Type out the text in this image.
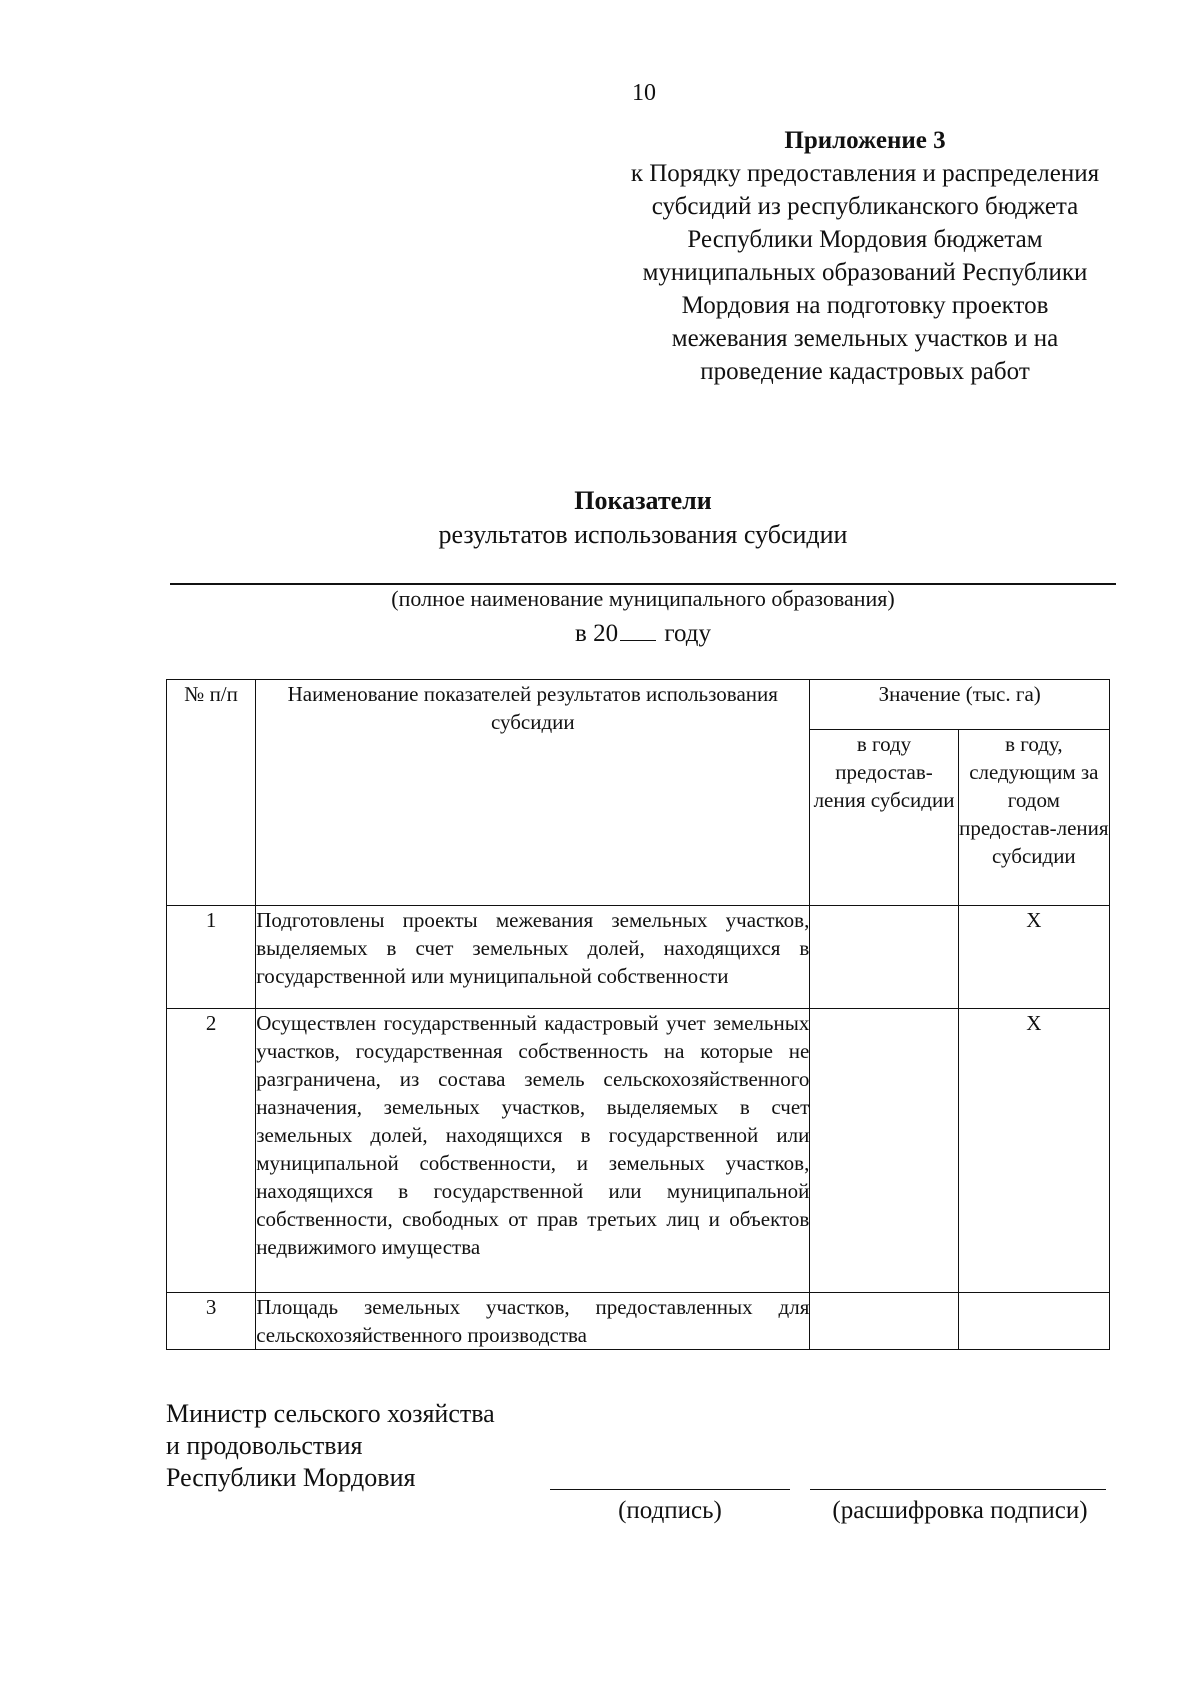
10
Приложение 3
к Порядку предоставления и распределения субсидий из республиканского бюджета Республики Мордовия бюджетам муниципальных образований Республики Мордовия на подготовку проектов межевания земельных участков и на проведение кадастровых работ
Показатели
результатов использования субсидии
(полное наименование муниципального образования)
в 20 году
№ п/п	Наименование показателей результатов использования субсидии	Значение (тыс. га)	
		в году предостав-ления субсидии	в году, следующим за годом предостав-ления субсидии
1	Подготовлены проекты межевания земельных участков, выделяемых в счет земельных долей, находящихся в государственной или муниципальной собственности		Х
2	Осуществлен государственный кадастровый учет земельных участков, государственная собственность на которые не разграничена, из состава земель сельскохозяйственного назначения, земельных участков, выделяемых в счет земельных долей, находящихся в государственной или муниципальной собственности, и земельных участков, находящихся в государственной или муниципальной собственности, свободных от прав третьих лиц и объектов недвижимого имущества		Х
3	Площадь земельных участков, предоставленных для сельскохозяйственного производства		
Министр сельского хозяйства
и продовольствия
Республики Мордовия
(подпись)	(расшифровка подписи)
